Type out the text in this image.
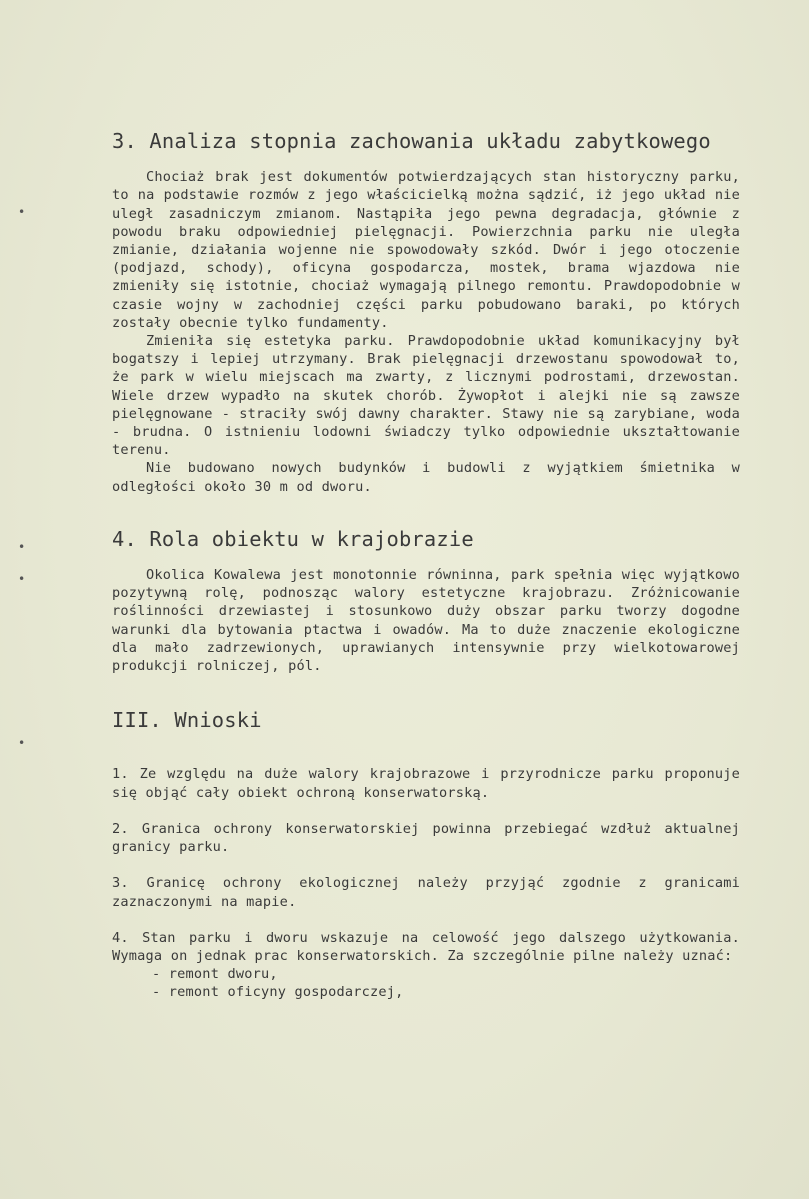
•
•
•
•
3. Analiza stopnia zachowania układu zabytkowego

Chociaż brak jest dokumentów potwierdzających stan historyczny parku, to na podstawie rozmów z jego właścicielką można sądzić, iż jego układ nie uległ zasadniczym zmianom. Nastąpiła jego pewna degradacja, głównie z powodu braku odpowiedniej pielęgnacji. Powierzchnia parku nie uległa zmianie, działania wojenne nie spowodowały szkód. Dwór i jego otoczenie (podjazd, schody), oficyna gospodarcza, mostek, brama wjazdowa nie zmieniły się istotnie, chociaż wymagają pilnego remontu. Prawdopodobnie w czasie wojny w zachodniej części parku pobudowano baraki, po których zostały obecnie tylko fundamenty.

Zmieniła się estetyka parku. Prawdopodobnie układ komunikacyjny był bogatszy i lepiej utrzymany. Brak pielęgnacji drzewostanu spowodował to, że park w wielu miejscach ma zwarty, z licznymi podrostami, drzewostan. Wiele drzew wypadło na skutek chorób. Żywopłot i alejki nie są zawsze pielęgnowane - straciły swój dawny charakter. Stawy nie są zarybiane, woda - brudna. O istnieniu lodowni świadczy tylko odpowiednie ukształtowanie terenu.

Nie budowano nowych budynków i budowli z wyjątkiem śmietnika w odległości około 30 m od dworu.

4. Rola obiektu w krajobrazie

Okolica Kowalewa jest monotonnie równinna, park spełnia więc wyjątkowo pozytywną rolę, podnosząc walory estetyczne krajobrazu. Zróżnicowanie roślinności drzewiastej i stosunkowo duży obszar parku tworzy dogodne warunki dla bytowania ptactwa i owadów. Ma to duże znaczenie ekologiczne dla mało zadrzewionych, uprawianych intensywnie przy wielkotowarowej produkcji rolniczej, pól.

III. Wnioski

1. Ze względu na duże walory krajobrazowe i przyrodnicze parku proponuje się objąć cały obiekt ochroną konserwatorską.

2. Granica ochrony konserwatorskiej powinna przebiegać wzdłuż aktualnej granicy parku.

3. Granicę ochrony ekologicznej należy przyjąć zgodnie z granicami zaznaczonymi na mapie.

4. Stan parku i dworu wskazuje na celowość jego dalszego użytkowania. Wymaga on jednak prac konserwatorskich. Za szczególnie pilne należy uznać:

- remont dworu,

- remont oficyny gospodarczej,
